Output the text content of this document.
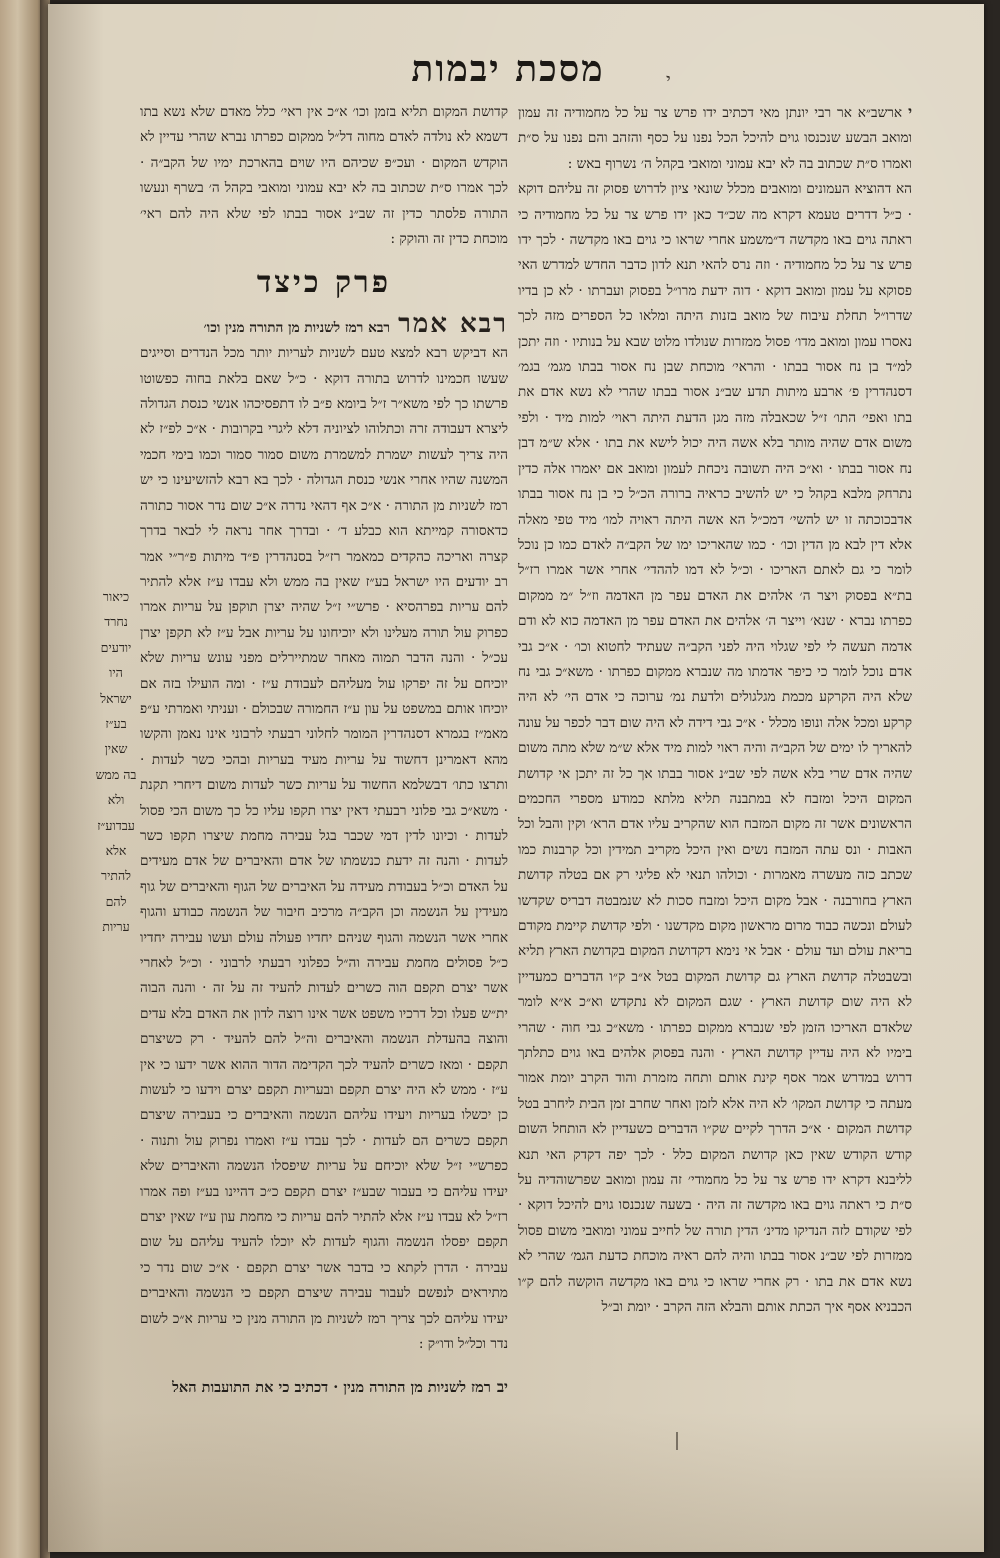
מסכת יבמות	י

יארשב״א אר רבי יונתן מאי דכתיב ידו פרש צר על כל מחמודיה זה עמון ומואב הבשע שנכנסו גוים להיכל הכל נפנו על כסף והזהב והם נפנו על ס״ת ואמרו ס״ת שכתוב בה לא יבא עמוני ומואבי בקהל ה׳ נשרוף באש :

הא דהוציא העמונים ומואבים מכלל שונאי ציון לדרוש פסוק זה עליהם דוקא · כ״ל דדרים טעמא דקרא מה שכ״ד כאן ידו פרש צר על כל מחמודיה כי ראתה גוים באו מקדשה ד״משמע אחרי שראו כי גוים באו מקדשה · לכך ידו פרש צר על כל מחמודיה · וזה נרס להאי תנא לדון כדבר החדש למדרש האי פסוקא על עמון ומואב דוקא · דוה ידעת מרו״ל בפסוק ועברתו · לא כן בדיו שדרו״ל תחלת עיבוח של מואב בזנות היתה ומלאו כל הספרים מזה לכך נאסרו עמון ומואב מדו׳ פסול ממזרות שנולדו מלוט שבא על בנותיו · וזה יתכן למ״ד בן נח אסור בבתו · והראי׳ מוכחת שבן נח אסור בבתו מגמ׳ בגמ׳ דסנהדרין פ׳ ארבע מיתות תדע שב״נ אסור בבתו שהרי לא נשא אדם את בתו ואפי׳ התו׳ ז״ל שכאבלה מזה מגן הדעת היתה ראוי׳ למות מיד · ולפי משום אדם שהיה מותר בלא אשה היה יכול לישא את בתו · אלא ש״מ דבן נח אסור בבתו · וא״כ היה תשובה ניכחת לעמון ומואב אם יאמרו אלה כדין נתרחק מלבא בקהל כי יש להשיב כראיה ברורה הכ״ל כי בן נח אסור בבתו אדבכוכתה זו יש להשי׳ דמכ״ל הא אשה היתה ראויה למו׳ מיד טפי מאלה אלא דין לבא מן הדין וכו׳ · כמו שהאריכו ימו של הקב״ה לאדם כמו כן נוכל לומר כי גם לאתם האריכו · וכ״ל לא דמו לההדי׳ אחרי אשר אמרו רז״ל בת״א בפסוק ויצר ה׳ אלהים את האדם עפר מן האדמה וז״ל ״מ ממקום כפרתו נברא · שנא׳ וייצר ה׳ אלהים את האדם עפר מן האדמה כוא לא ודם אדמה תעשה לי לפי שגלוי היה לפני הקב״ה שעתיד לחטוא וכו׳ · א״כ גבי אדם נוכל לומר כי כיפר אדמתו מה שנברא ממקום כפרתו · משא״כ גבי נח שלא היה הקרקע מכמת מגלגולים ולדעת נמ׳ ערוכה כי אדם הי׳ לא היה קרקע ומכל אלה ונופו מכלל · א״כ גבי דידה לא היה שום דבר לכפר על עונה להאריך לו ימים של הקב״ה והיה ראוי למות מיד אלא ש״מ שלא מתה משום שהיה אדם שרי בלא אשה לפי שב״נ אסור בבתו אך כל זה יתכן אי קדושת המקום היכל ומזבח לא במתבנה תליא מלתא כמודע מספרי החכמים הראשונים אשר זה מקום המזבח הוא שהקריב עליו אדם הרא׳ וקין והבל וכל האבות · ונס עתה המזבח נשים ואין היכל מקריב תמידין וכל קרבנות כמו שכתב כזה מעשרה מאמרות · וכולהו תנאי לא פליגי רק אם בטלה קדושת הארץ בחורבנה · אבל מקום היכל ומזבח סכות לא שנמבטה דבריס שקדשו לעולם ונכשה כבוד מרום מראשון מקום מקדשנו · ולפי קדושת קיימת מקודם בריאת עולם ועד עולם · אבל אי נימא דקדושת המקום בקדושת הארץ תליא ובשבטלה קדושת הארץ גם קדושת המקום בטל א״ב ק״ו הדברים כמעדיין לא היה שום קדושת הארץ · שגם המקום לא נתקדש וא״כ א״א לומר שלאדם האריכו הזמן לפי שנברא ממקום כפרתו · משא״כ גבי חוה · שהרי בימיו לא היה עדיין קדושת הארץ · והנה בפסוק אלהים באו גוים כתלתך דרוש במדרש אמר אסף קינת אותם ותחה מזמרת והוד הקרב יומת אמור מעתה כי קדושת המקו׳ לא היה אלא לזמן ואחר שחרב זמן הבית ליחרב בטל קדושת המקום · א״כ הדרך לקיים שק״ו הדברים כשעדיין לא הותחל השום קודש הקודש שאין כאן קדושת המקום כלל · לכך יפה דקדק האי תנא לליבנא דקרא ידו פרש צר על כל מחמודי׳ זה עמון ומואב שפרשוהדיה על ס״ת כי ראתה גוים באו מקדשה זה היה · בשעה שנכנסו גוים להיכל דוקא · לפי שקודם לזה הנדיקו מדינ׳ הדין תורה של לחייב עמוני ומואבי משום פסול ממזרות לפי שב״נ אסור בבתו והיה להם ראיה מוכחת כדעת הגמ׳ שהרי לא נשא אדם את בתו · רק אחרי שראו כי גוים באו מקדשה הוקשה להם ק״ו הכבניא אסף איך הכתת אותם והבלא הזה הקרב · יומת וב״ל

קדושת המקום תליא בזמן וכו׳ א״כ אין ראי׳ כלל מאדם שלא נשא בתו דשמא לא נולדה לאדם מחוה דל״ל ממקום כפרתו נברא שהרי עדיין לא הוקדש המקום · ועכ״פ שכיהם היו שוים בהארכת ימיו של הקב״ה · לכך אמרו ס״ת שכתוב בה לא יבא עמוני ומואבי בקהל ה׳ בשרף ונעשו התורה פלסתר כדין זה שב״נ אסור בבתו לפי שלא היה להם ראי׳ מוכחת כדין זה והוקק :

פרק כיצד

רבא אמררבא רמז לשניות מן התורה מנין וכו׳

הא דביקש רבא למצא טעם לשניות לעריות יותר מכל הנדרים וסייגים שעשו חכמינו לדרוש בתורה דוקא · כ״ל שאם בלאת בחוה כפשוטו פרשתו כך לפי משא״ר ז״ל ביומא פ״ב לו דתפסיכהו אנשי כנסת הגדולה ליצרא דעבודה זרה וכתלוהו לציוניה דלא ליגרי בקרובות · א״כ לפ״ז לא היה צריך לעשות ישמרת למשמרת משום סמור סמור וכמו בימי חכמי המשנה שהיו אחרי אנשי כנסת הגדולה · לכך בא רבא להזשיעינו כי יש רמז לשניות מן התורה · א״כ אף דהאי נדרה א״כ שום נדר אסור כתורה כדאסורה קמייתא הוא כבלע ד׳ · ובדרך אחר נראה לי לבאר בדרך קצרה ואריכה כהקדים כמאמר רז״ל בסנהדרין פ״ד מיתות פ״ר״י אמר רב יודעים היו ישראל בע״ז שאין בה ממש ולא עבדו ע״ז אלא להתיר להם עריות בפרהסיא · פרש״י ז״ל שהיה יצרן תוקפן על עריות אמרו כפרוק עול תורה מעלינו ולא יוכיחונו על עריות אבל ע״ז לא תקפן יצרן עכ״ל · והנה הדבר תמוה מאחר שמתיירלים מפני עונש עריות שלא יוכיחם על זה יפרקו עול מעליהם לעבודת ע״ז · ומה הועילו בזה אם יוכיחו אותם במשפט על עון ע״ז החמורה שבכולם · ועניתי ואמרתי ע״פ מאמ״ז בגמרא דסנהדרין המומר לחלוני רבעתי לרבוני אינו נאמן והקשו מהא דאמרינן דחשוד על עריות מעיד בעריות ובהכי כשר לעדות · ותרצו כתו׳ דבשלמא החשוד על עריות כשר לעדות משום דיחרי תקנת · משא״כ גבי פלוני רבעתי דאין יצרו תקפו עליו כל כך משום הכי פסול לעדות · וכיונו לדין דמי שכבר בגל עבירה מחמת שיצרו תקפו כשר לעדות · והנה זה ידעת כנשמתו של אדם והאיברים של אדם מעידים על האדם וכ״ל בעבודת מעידה על האיברים של הגוף והאיברים של גוף מעידין על הנשמה וכן הקב״ה מרכיב חיבור של הנשמה כבודע והגוף אחרי אשר הנשמה והגוף שניהם יחדיו פעולה עולם ועשו עבירה יחדיו כ״ל פסולים מחמת עבירה וה״ל כפלוני רבעתי לרבוני · וכ״ל לאחרי אשר יצרם תקפם הוה כשרים לעדות להעיד זה על זה · והנה הבוה ית״ש פעלו וכל דרכיו משפט אשר אינו רוצה לדון את האדם בלא עדים והוצה בהעדלת הנשמה והאיברים וה״ל להם להעיד · רק כשיצרם תקפם · ומאז כשרים להעיד לכך הקדימה הדור ההוא אשר ידעו כי אין ע״ז · ממש לא היה יצרם תקפם ובעריות תקפם יצרם וידעו כי לעשות כן יכשלו בעריות ויעידו עליהם הנשמה והאיברים כי בעבירה שיצרם תקפם כשרים הם לעדות · לכך עבדו ע״ז ואמרו נפרוק עול ותנוה · כפרש״י ז״ל שלא יוכיחם על עריות שיפסלו הנשמה והאיברים שלא יעידו עליהם כי בעבור שבע״ז יצרם תקפם כ״כ דהיינו בע״ז ופה אמרו רז״ל לא עבדו ע״ז אלא להתיר להם עריות כי מחמת עון ע״ז שאין יצרם תקפם יפסלו הנשמה והגוף לעדות לא יוכלו להעיד עליהם על שום עבירה · הדרן לקתא כי בדבר אשר יצרם תקפם · א״כ שום נדר כי מתיראים לנפשם לעבור עבירה שיצרם תקפם כי הנשמה והאיברים יעידו עליהם לכך צריך רמז לשניות מן התורה מנין כי עריות א״כ לשום נדר וכל״ל ודו״ק :

כיאור
נחרד
יודעים
היו
ישראל
בע״ז
שאין
בה ממש
ולא
עבדוע״ז
אלא
להתיר
להם
עריות
יברמז לשניות מן התורה מנין · דכתיב כי את התועבות האל
